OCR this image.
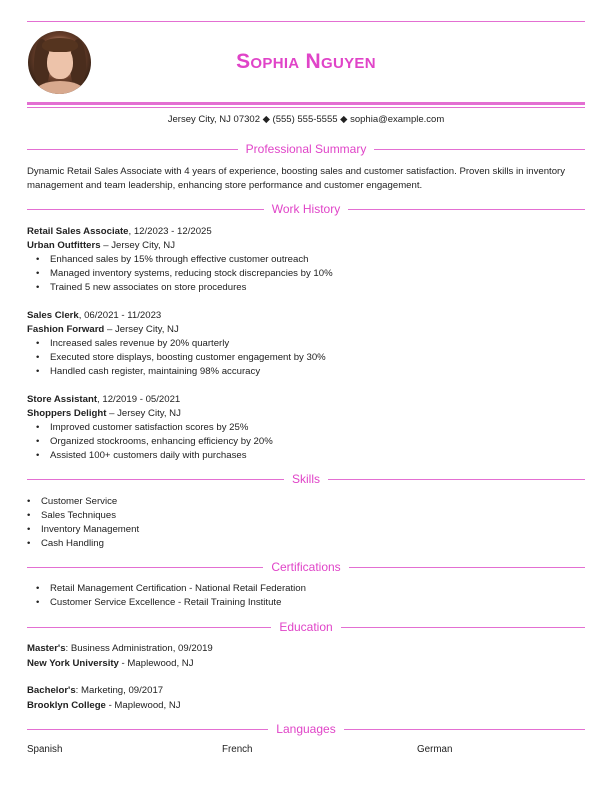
Sophia Nguyen
Jersey City, NJ 07302 ◆ (555) 555-5555 ◆ sophia@example.com
Professional Summary
Dynamic Retail Sales Associate with 4 years of experience, boosting sales and customer satisfaction. Proven skills in inventory
management and team leadership, enhancing store performance and customer engagement.
Work History
Retail Sales Associate, 12/2023 - 12/2025
Urban Outfitters – Jersey City, NJ
• Enhanced sales by 15% through effective customer outreach
• Managed inventory systems, reducing stock discrepancies by 10%
• Trained 5 new associates on store procedures
Sales Clerk, 06/2021 - 11/2023
Fashion Forward – Jersey City, NJ
• Increased sales revenue by 20% quarterly
• Executed store displays, boosting customer engagement by 30%
• Handled cash register, maintaining 98% accuracy
Store Assistant, 12/2019 - 05/2021
Shoppers Delight – Jersey City, NJ
• Improved customer satisfaction scores by 25%
• Organized stockrooms, enhancing efficiency by 20%
• Assisted 100+ customers daily with purchases
Skills
• Customer Service
• Sales Techniques
• Inventory Management
• Cash Handling
Certifications
• Retail Management Certification - National Retail Federation
• Customer Service Excellence - Retail Training Institute
Education
Master's: Business Administration, 09/2019
New York University - Maplewood, NJ
Bachelor's: Marketing, 09/2017
Brooklyn College - Maplewood, NJ
Languages
Spanish	French	German
